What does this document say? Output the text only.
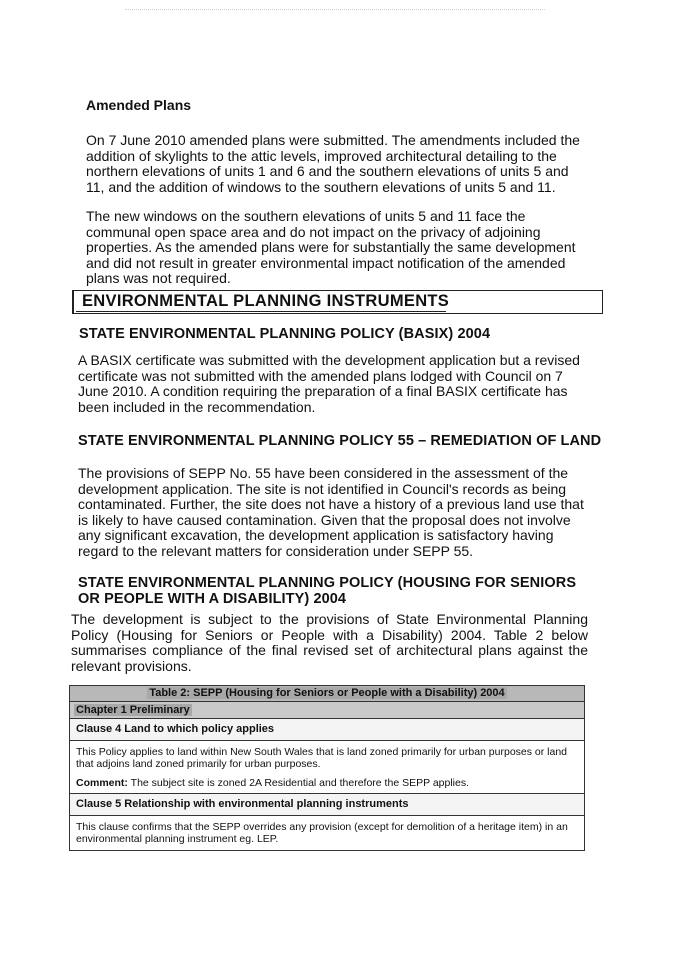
Amended Plans
On 7 June 2010 amended plans were submitted. The amendments included the addition of skylights to the attic levels, improved architectural detailing to the northern elevations of units 1 and 6 and the southern elevations of units 5 and 11, and the addition of windows to the southern elevations of units 5 and 11.
The new windows on the southern elevations of units 5 and 11 face the communal open space area and do not impact on the privacy of adjoining properties. As the amended plans were for substantially the same development and did not result in greater environmental impact notification of the amended plans was not required.
ENVIRONMENTAL PLANNING INSTRUMENTS
STATE ENVIRONMENTAL PLANNING POLICY (BASIX) 2004
A BASIX certificate was submitted with the development application but a revised certificate was not submitted with the amended plans lodged with Council on 7 June 2010. A condition requiring the preparation of a final BASIX certificate has been included in the recommendation.
STATE ENVIRONMENTAL PLANNING POLICY 55 – REMEDIATION OF LAND
The provisions of SEPP No. 55 have been considered in the assessment of the development application. The site is not identified in Council's records as being contaminated. Further, the site does not have a history of a previous land use that is likely to have caused contamination. Given that the proposal does not involve any significant excavation, the development application is satisfactory having regard to the relevant matters for consideration under SEPP 55.
STATE ENVIRONMENTAL PLANNING POLICY (HOUSING FOR SENIORS OR PEOPLE WITH A DISABILITY) 2004
The development is subject to the provisions of State Environmental Planning Policy (Housing for Seniors or People with a Disability) 2004. Table 2 below summarises compliance of the final revised set of architectural plans against the relevant provisions.
Table 2: SEPP (Housing for Seniors or People with a Disability) 2004
Chapter 1 Preliminary
Clause 4 Land to which policy applies

This Policy applies to land within New South Wales that is land zoned primarily for urban purposes or land that adjoins land zoned primarily for urban purposes.
Comment: The subject site is zoned 2A Residential and therefore the SEPP applies.

Clause 5 Relationship with environmental planning instruments
This clause confirms that the SEPP overrides any provision (except for demolition of a heritage item) in an environmental planning instrument eg. LEP.
